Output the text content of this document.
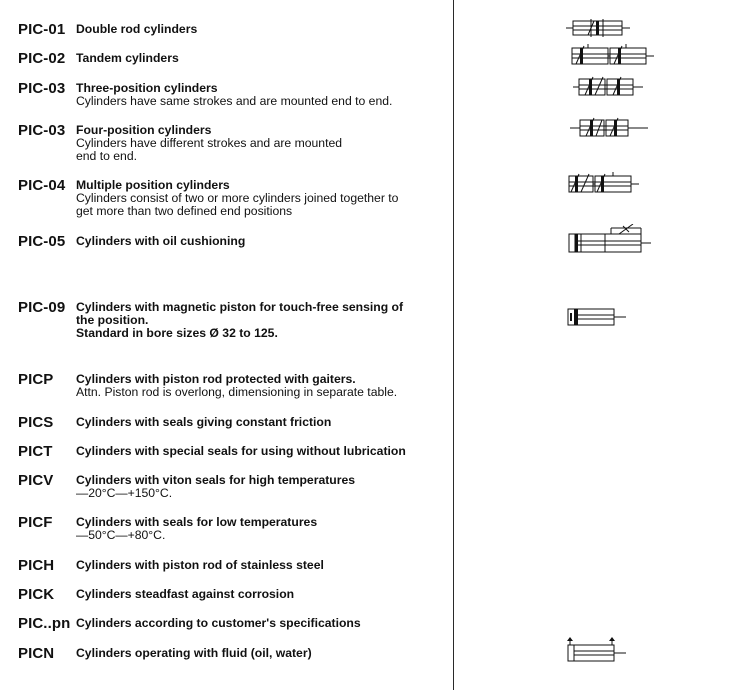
PIC-01 Double rod cylinders
PIC-02 Tandem cylinders
PIC-03 Three-position cylinders
Cylinders have same strokes and are mounted end to end.
PIC-03 Four-position cylinders
Cylinders have different strokes and are mounted
end to end.
PIC-04 Multiple position cylinders
Cylinders consist of two or more cylinders joined together to
get more than two defined end positions
PIC-05 Cylinders with oil cushioning
PIC-09 Cylinders with magnetic piston for touch-free sensing of
the position.
Standard in bore sizes Ø 32 to 125.
PICP Cylinders with piston rod protected with gaiters.
Attn. Piston rod is overlong, dimensioning in separate table.
PICS Cylinders with seals giving constant friction
PICT Cylinders with special seals for using without lubrication
PICV Cylinders with viton seals for high temperatures
—20°C—+150°C.
PICF Cylinders with seals for low temperatures
—50°C—+80°C.
PICH Cylinders with piston rod of stainless steel
PICK Cylinders steadfast against corrosion
PIC..pn Cylinders according to customer's specifications
PICN Cylinders operating with fluid (oil, water)
